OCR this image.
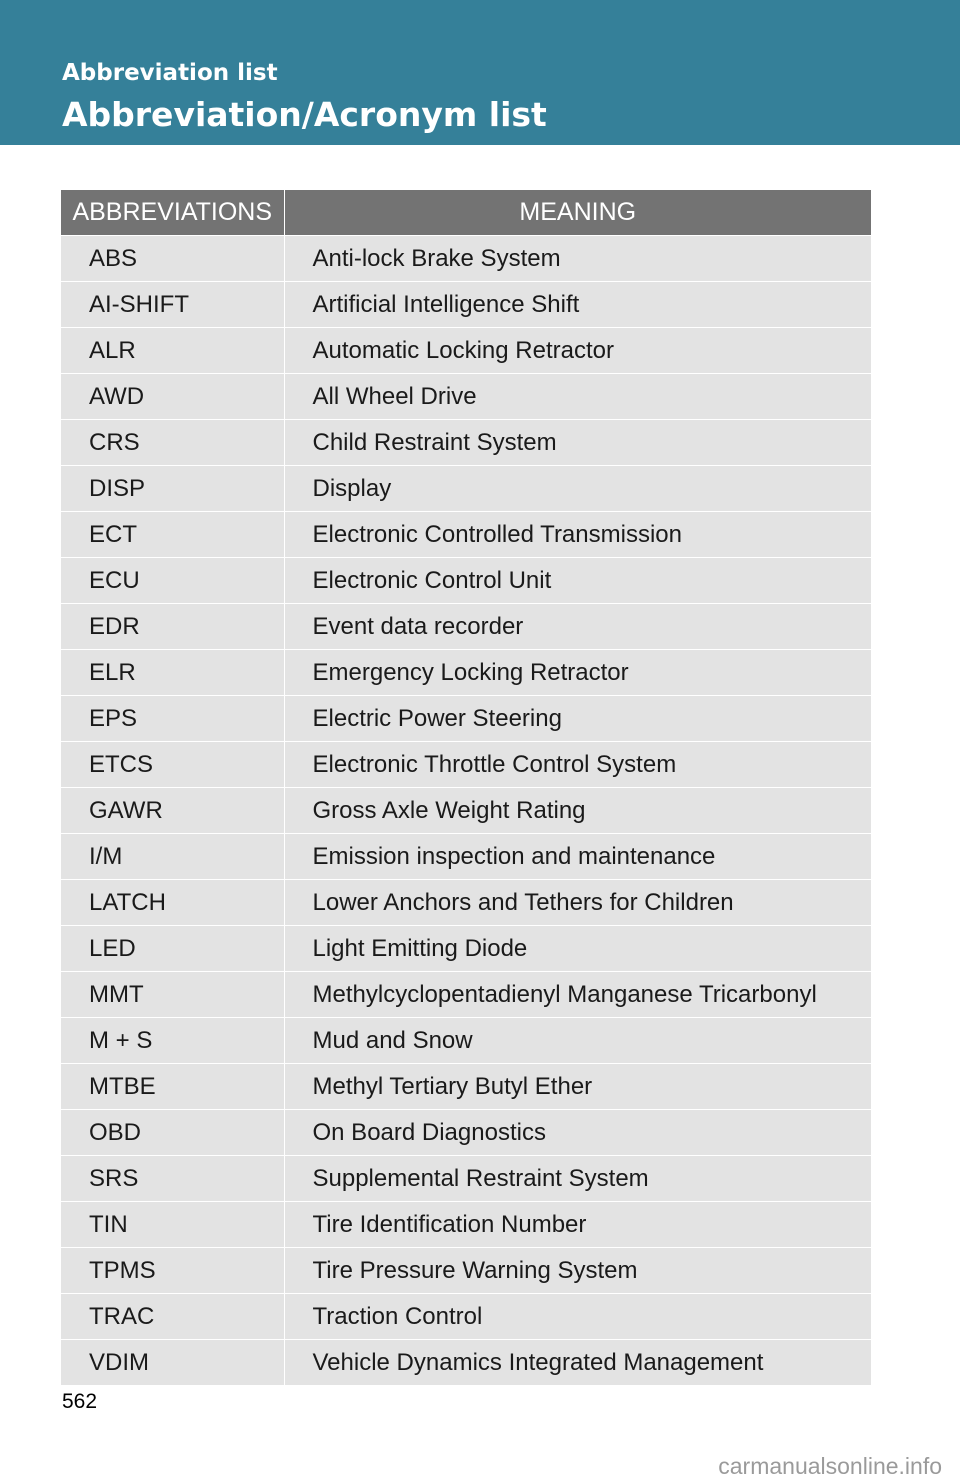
Abbreviation list
Abbreviation/Acronym list
ABBREVIATIONS	MEANING
ABS	Anti-lock Brake System
AI-SHIFT	Artificial Intelligence Shift
ALR	Automatic Locking Retractor
AWD	All Wheel Drive
CRS	Child Restraint System
DISP	Display
ECT	Electronic Controlled Transmission
ECU	Electronic Control Unit
EDR	Event data recorder
ELR	Emergency Locking Retractor
EPS	Electric Power Steering
ETCS	Electronic Throttle Control System
GAWR	Gross Axle Weight Rating
I/M	Emission inspection and maintenance
LATCH	Lower Anchors and Tethers for Children
LED	Light Emitting Diode
MMT	Methylcyclopentadienyl Manganese Tricarbonyl
M + S	Mud and Snow
MTBE	Methyl Tertiary Butyl Ether
OBD	On Board Diagnostics
SRS	Supplemental Restraint System
TIN	Tire Identification Number
TPMS	Tire Pressure Warning System
TRAC	Traction Control
VDIM	Vehicle Dynamics Integrated Management
562
carmanualsonline.info
